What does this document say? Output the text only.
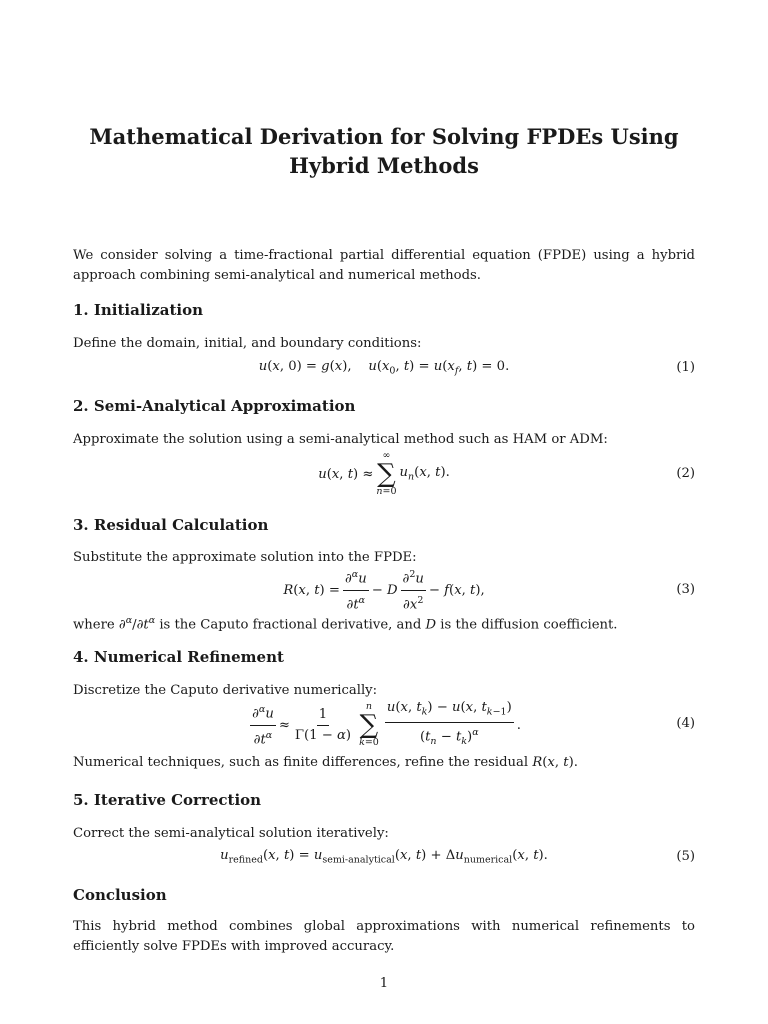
Mathematical Derivation for Solving FPDEs Using Hybrid Methods
We consider solving a time-fractional partial differential equation (FPDE) using a hybrid approach combining semi-analytical and numerical methods.
1. Initialization
Define the domain, initial, and boundary conditions:
u(x, 0) = g(x),    $u(x_0$, $t) = u(x_f$, t) = 0.	(1)
2. Semi-Analytical Approximation
Approximate the solution using a semi-analytical method such as HAM or ADM:
u(x, t) ≈
∞
∑
n=0
$u_n(x$, t).	(2)
3. Residual Calculation
Substitute the approximate solution into the FPDE:
R(x, $t) = \frac{\partial^\alpha u}{\partial t^\alpha} - D \frac{\partial^2u}{\partial x^2} - f(x$, t),	(3)
where $\partial^\alpha/\partial t^\alpha$ is the Caputo fractional derivative, and D is the diffusion coefficient.
4. Numerical Refinement
Discretize the Caputo derivative numerically:
$\frac{\partial^\alpha u}{\partial t^\alpha} \approx \frac{1}{\Gamma(1 - \alpha)}$ n
∑
$k=0 \frac{u(x, t_k) - u(x, t_{k-1})}{(t_n - t_k)^\alpha}$ .	(4)
Numerical techniques, such as finite differences, refine the residual R(x, t).
5. Iterative Correction
Correct the semi-analytical solution iteratively:
$u_{refined}(x$, $t) = u_{semi-analytical}(x$, $t) + \Delta u_{numerical}(x$, t).	(5)
Conclusion
This hybrid method combines global approximations with numerical refinements to efficiently solve FPDEs with improved accuracy.
1
